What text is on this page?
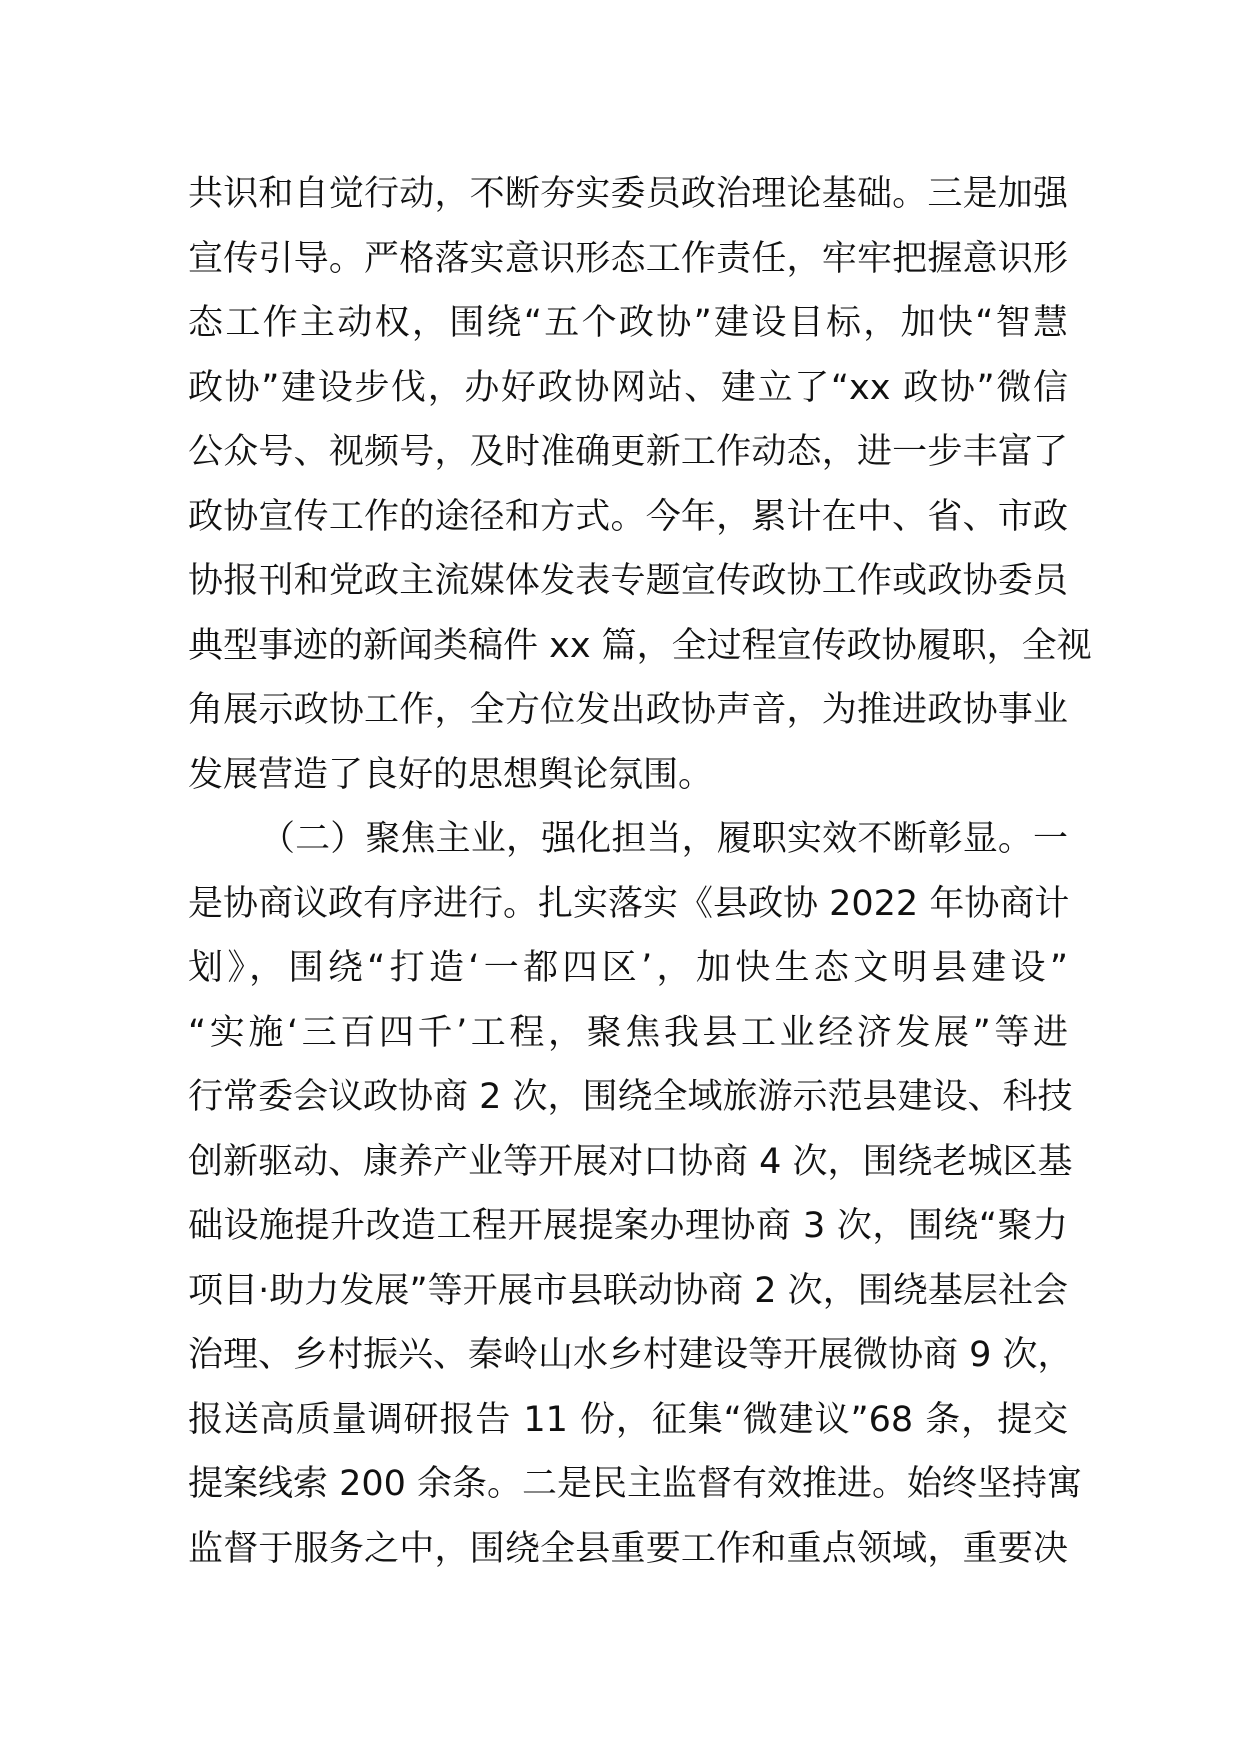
共识和自觉行动，不断夯实委员政治理论基础。三是加强
宣传引导。严格落实意识形态工作责任，牢牢把握意识形
态工作主动权，围绕“五个政协”建设目标，加快“智慧
政协”建设步伐，办好政协网站、建立了“xx 政协”微信
公众号、视频号，及时准确更新工作动态，进一步丰富了
政协宣传工作的途径和方式。今年，累计在中、省、市政
协报刊和党政主流媒体发表专题宣传政协工作或政协委员
典型事迹的新闻类稿件 xx 篇，全过程宣传政协履职，全视
角展示政协工作，全方位发出政协声音，为推进政协事业
发展营造了良好的思想舆论氛围。
（二）聚焦主业，强化担当，履职实效不断彰显。一
是协商议政有序进行。扎实落实《县政协 2022 年协商计
划》，围绕“打造‘一都四区’，加快生态文明县建设”
“实施‘三百四千’工程，聚焦我县工业经济发展”等进
行常委会议政协商 2 次，围绕全域旅游示范县建设、科技
创新驱动、康养产业等开展对口协商 4 次，围绕老城区基
础设施提升改造工程开展提案办理协商 3 次，围绕“聚力
项目·助力发展”等开展市县联动协商 2 次，围绕基层社会
治理、乡村振兴、秦岭山水乡村建设等开展微协商 9 次，
报送高质量调研报告 11 份，征集“微建议”68 条，提交
提案线索 200 余条。二是民主监督有效推进。始终坚持寓
监督于服务之中，围绕全县重要工作和重点领域，重要决
